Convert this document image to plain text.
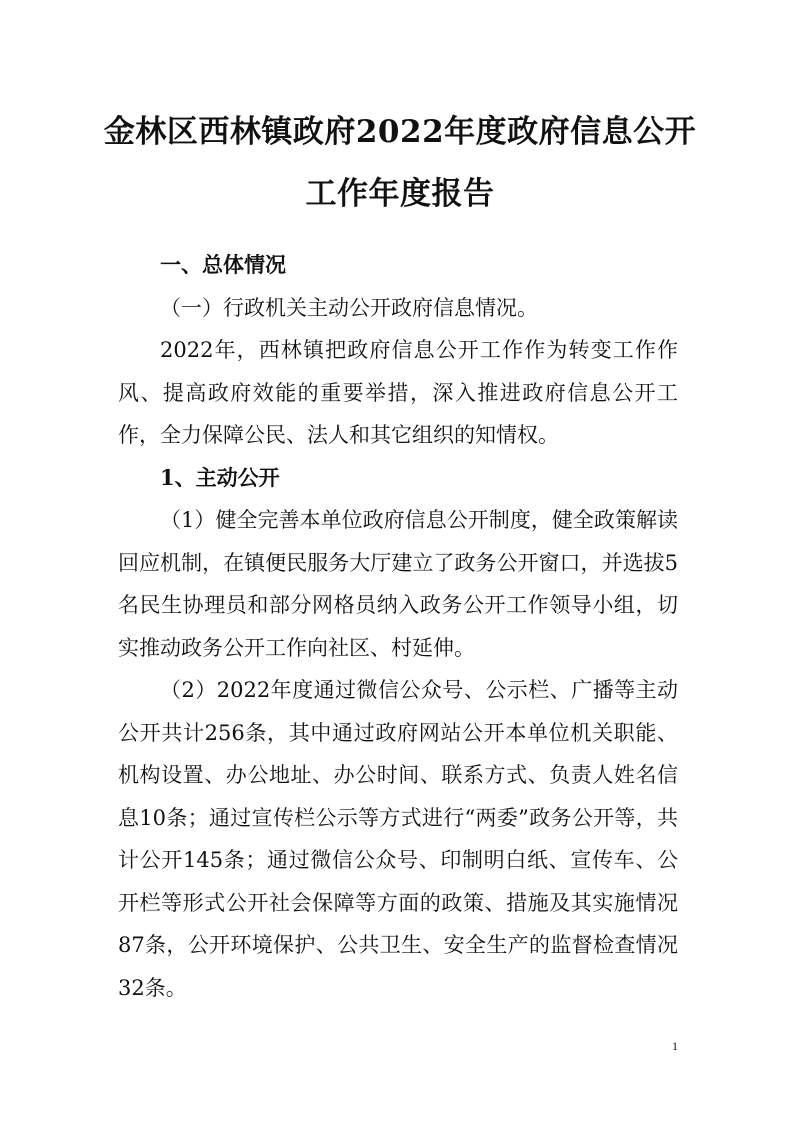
金林区西林镇政府2022年度政府信息公开
工作年度报告

一、总体情况

（一）行政机关主动公开政府信息情况。

2022年，西林镇把政府信息公开工作作为转变工作作风、提高政府效能的重要举措，深入推进政府信息公开工作，全力保障公民、法人和其它组织的知情权。

1、主动公开

（1）健全完善本单位政府信息公开制度，健全政策解读回应机制，在镇便民服务大厅建立了政务公开窗口，并选拔5名民生协理员和部分网格员纳入政务公开工作领导小组，切实推动政务公开工作向社区、村延伸。

（2）2022年度通过微信公众号、公示栏、广播等主动公开共计256条，其中通过政府网站公开本单位机关职能、机构设置、办公地址、办公时间、联系方式、负责人姓名信息10条；通过宣传栏公示等方式进行“两委”政务公开等，共计公开145条；通过微信公众号、印制明白纸、宣传车、公开栏等形式公开社会保障等方面的政策、措施及其实施情况87条，公开环境保护、公共卫生、安全生产的监督检查情况32条。

1
